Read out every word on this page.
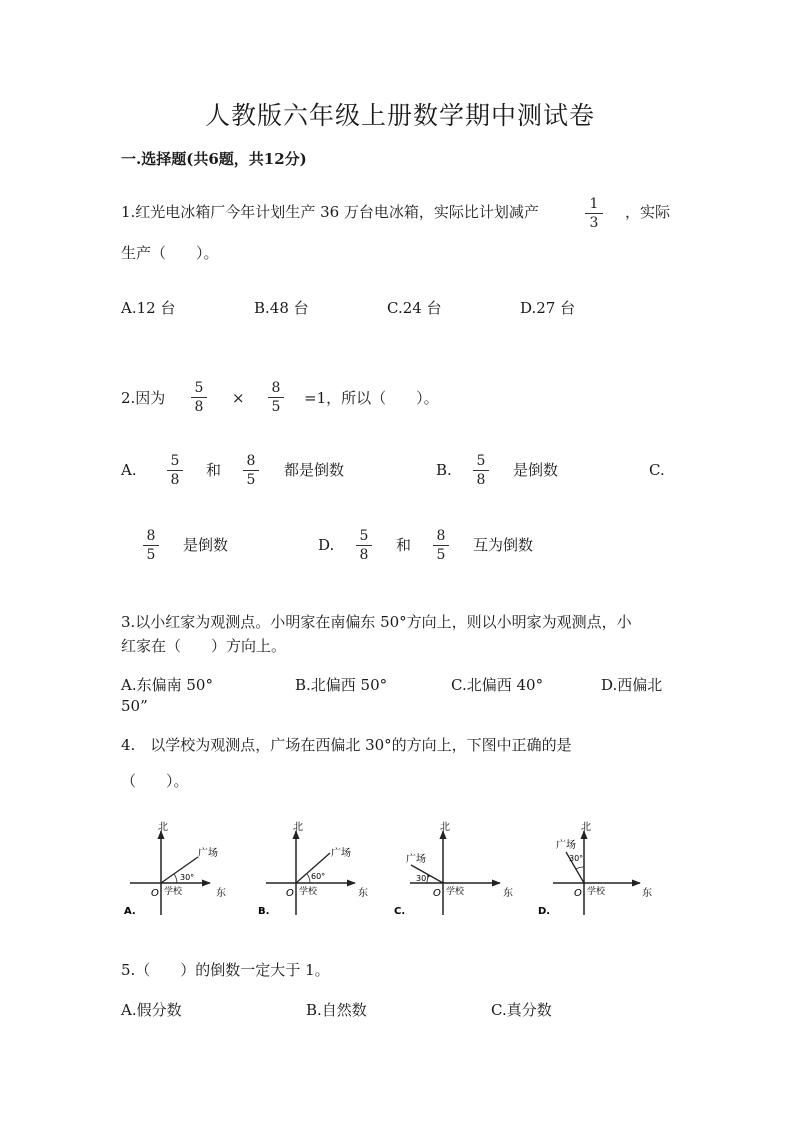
人教版六年级上册数学期中测试卷
一.选择题(共6题，共12分)
1.红光电冰箱厂今年计划生产 36 万台电冰箱，实际比计划减产	1
3
，实际
生产（　　）。
A.12 台	B.48 台	C.24 台	D.27 台
2.因为
5
8 ×
8
5 =1，所以（　　）。
A. 5
8
和 8
5
都是倒数	B. 5
8
是倒数	C.
8
5
是倒数	D. 5
8
和 8
5
互为倒数
3.以小红家为观测点。小明家在南偏东 50°方向上，则以小明家为观测点，小
红家在（　　）方向上。
A.东偏南 50°	B.北偏西 50°	C.北偏西 40°	D.西偏北
50”
4.　以学校为观测点，广场在西偏北 30°的方向上，下图中正确的是
（　　）。
北
东
O 学校
广场
30°
A.
北
东
O 学校
广场
60°
B.
北
东
O 学校
广场
30°
C.
北
东
O 学校
广场
30°
D.
5.（　　）的倒数一定大于 1。
A.假分数	B.自然数	C.真分数
